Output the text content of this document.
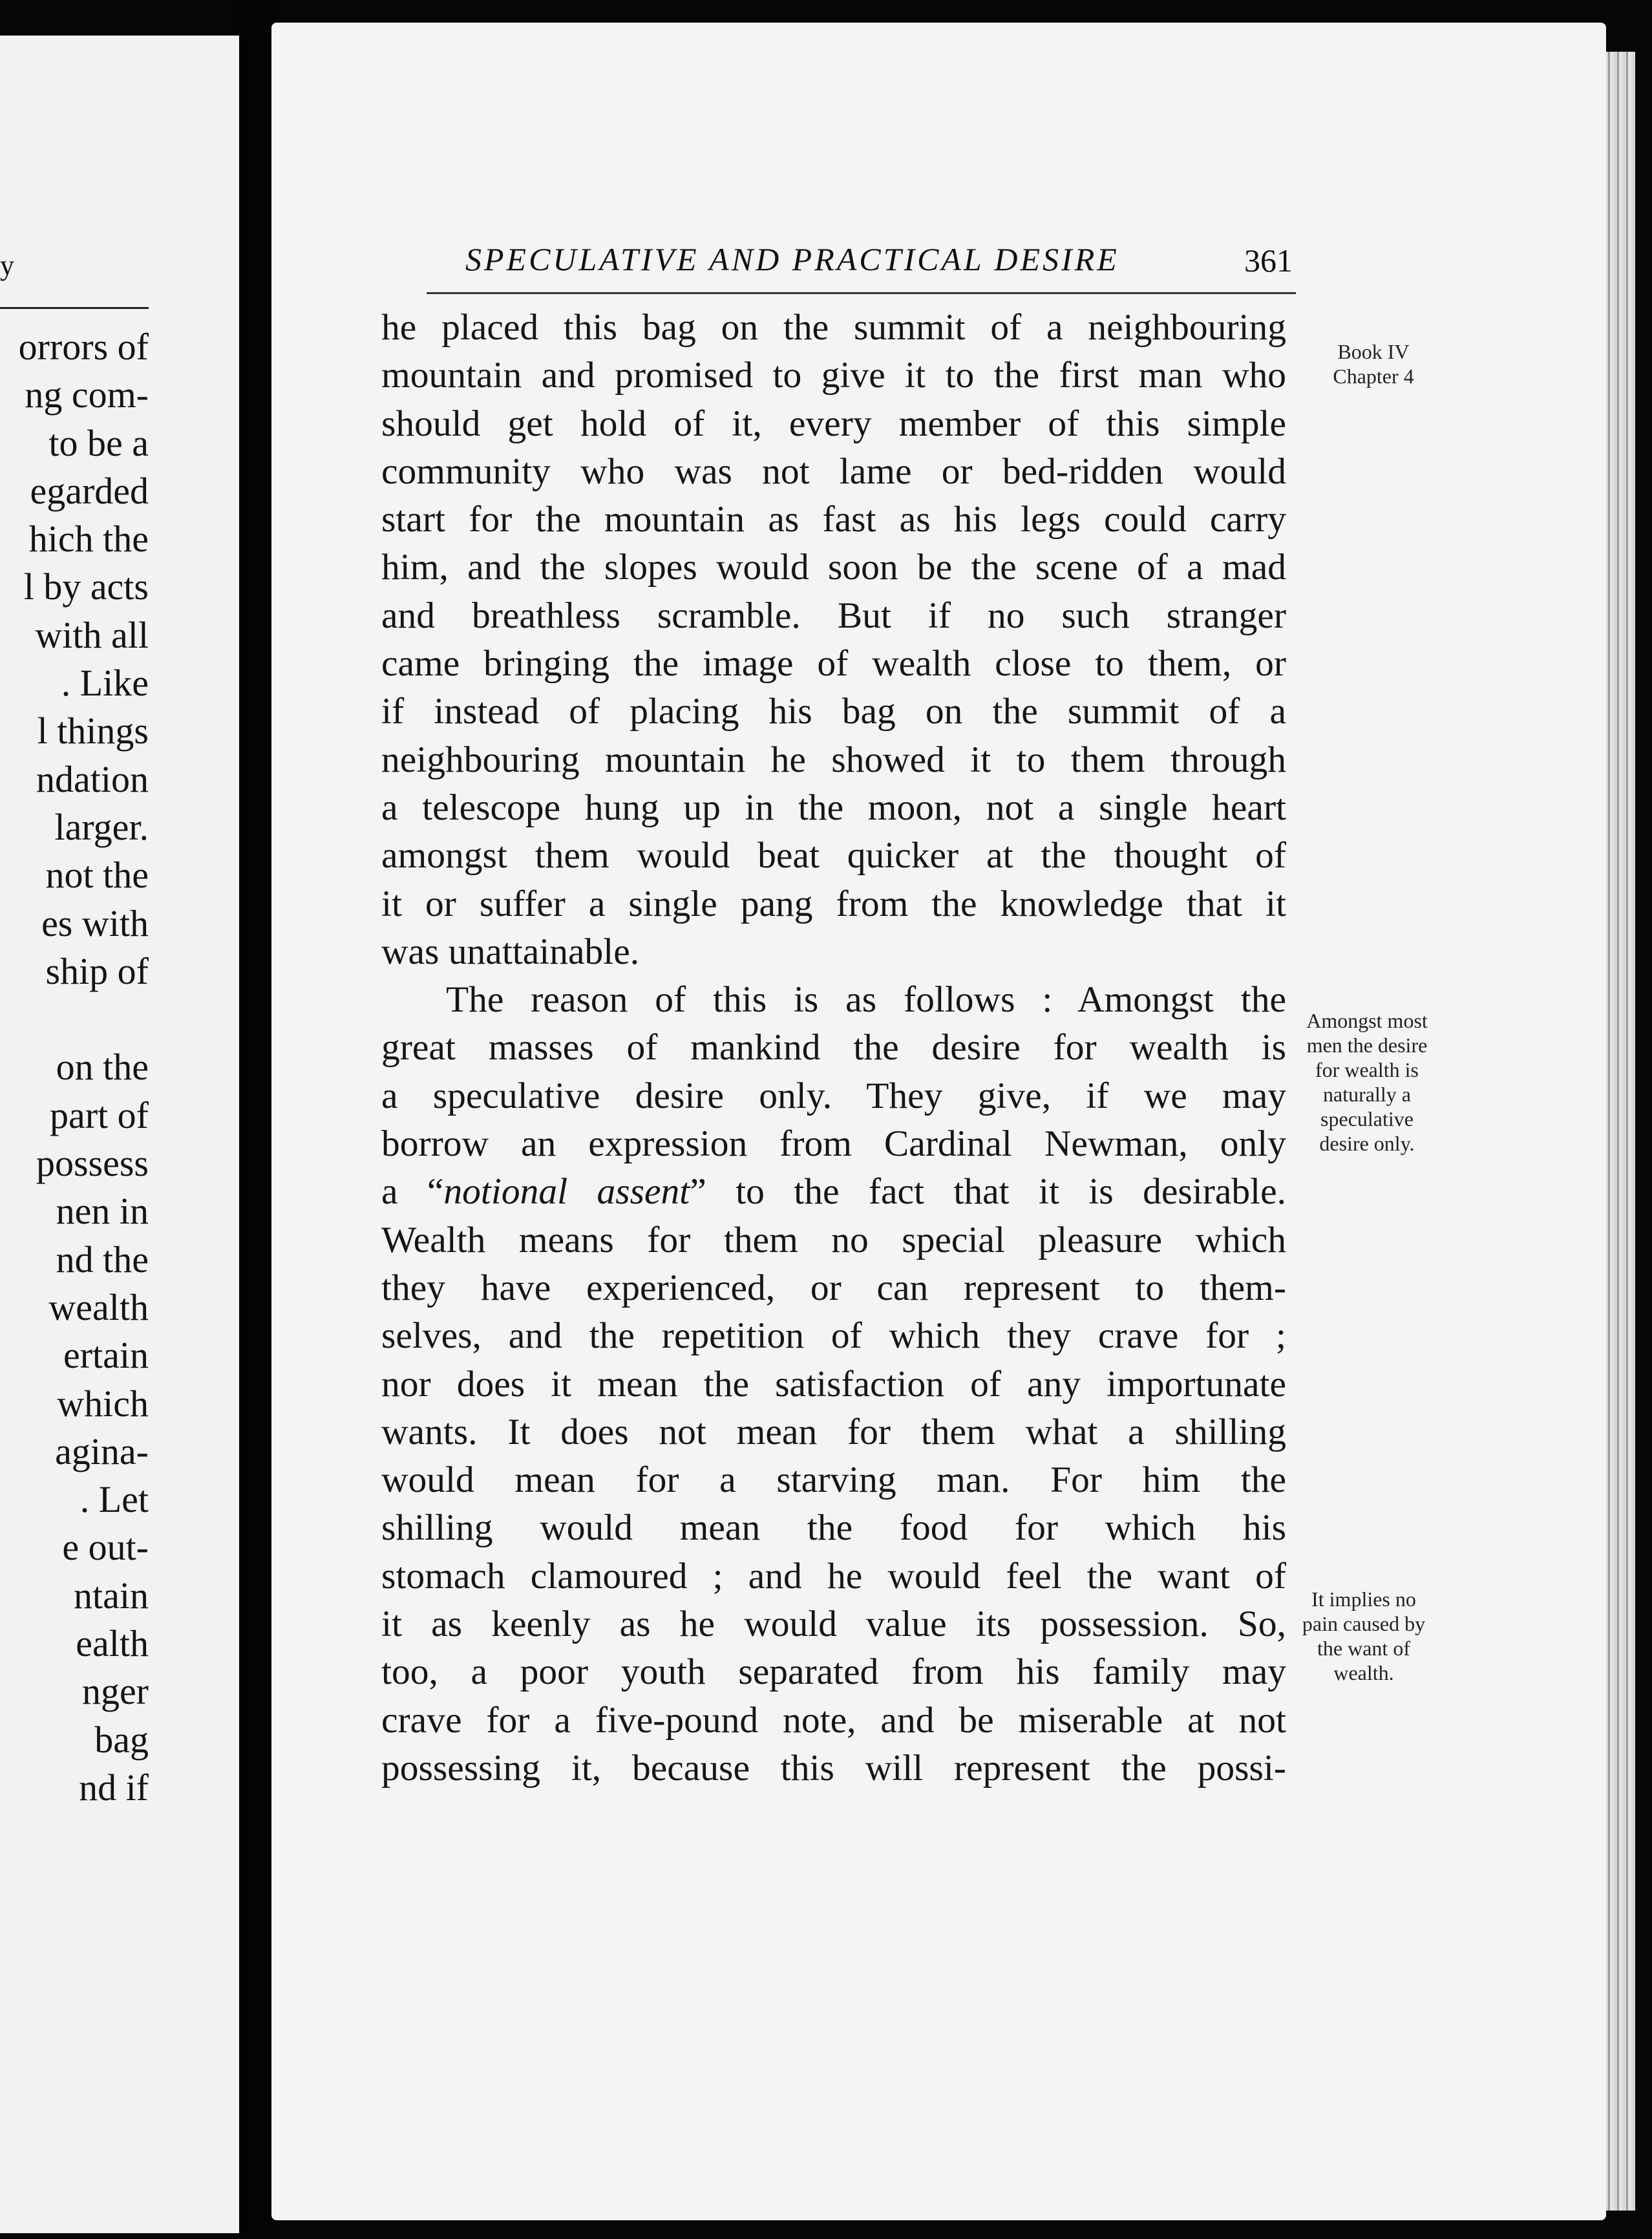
y
orrors of
ng com-
to be a
egarded
hich the
l by acts
with all
. Like
l things
ndation
larger.
not the
es with
ship of
on the
part of
possess
nen in
nd the
wealth
ertain
which
agina-
. Let
e out-
ntain
ealth
nger
bag
nd if
SPECULATIVE AND PRACTICAL DESIRE	361
he placed this bag on the summit of a neighbouring
mountain and promised to give it to the first man who
should get hold of it, every member of this simple
community who was not lame or bed-ridden would
start for the mountain as fast as his legs could carry
him, and the slopes would soon be the scene of a mad
and breathless scramble. But if no such stranger
came bringing the image of wealth close to them, or
if instead of placing his bag on the summit of a
neighbouring mountain he showed it to them through
a telescope hung up in the moon, not a single heart
amongst them would beat quicker at the thought of
it or suffer a single pang from the knowledge that it
was unattainable.
The reason of this is as follows : Amongst the
great masses of mankind the desire for wealth is
a speculative desire only. They give, if we may
borrow an expression from Cardinal Newman, only
a “notional assent” to the fact that it is desirable.
Wealth means for them no special pleasure which
they have experienced, or can represent to them-
selves, and the repetition of which they crave for ;
nor does it mean the satisfaction of any importunate
wants. It does not mean for them what a shilling
would mean for a starving man. For him the
shilling would mean the food for which his
stomach clamoured ; and he would feel the want of
it as keenly as he would value its possession. So,
too, a poor youth separated from his family may
crave for a five-pound note, and be miserable at not
possessing it, because this will represent the possi-
Book IV
Chapter 4
Amongst most
men the desire
for wealth is
naturally a
speculative
desire only.
It implies no
pain caused by
the want of
wealth.
